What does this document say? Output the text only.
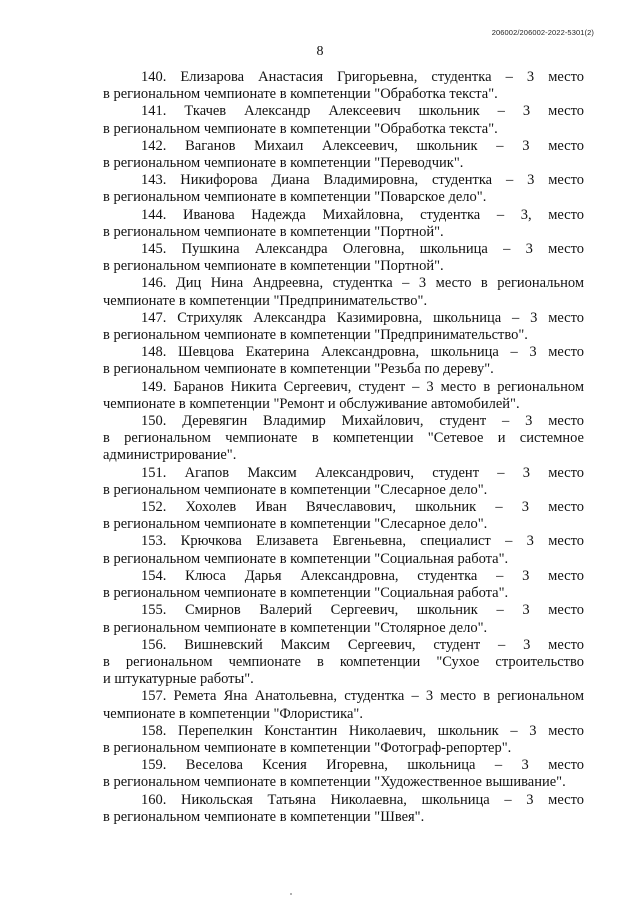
206002/206002-2022-5301(2)
8

140. Елизарова Анастасия Григорьевна, студентка – 3 место
в региональном чемпионате в компетенции "Обработка текста".

141. Ткачев Александр Алексеевич школьник – 3 место
в региональном чемпионате в компетенции "Обработка текста".

142. Ваганов Михаил Алексеевич, школьник – 3 место
в региональном чемпионате в компетенции "Переводчик".

143. Никифорова Диана Владимировна, студентка – 3 место
в региональном чемпионате в компетенции "Поварское дело".

144. Иванова Надежда Михайловна, студентка – 3, место
в региональном чемпионате в компетенции "Портной".

145. Пушкина Александра Олеговна, школьница – 3 место
в региональном чемпионате в компетенции "Портной".

146. Диц Нина Андреевна, студентка – 3 место в региональном
чемпионате в компетенции "Предпринимательство".

147. Стрихуляк Александра Казимировна, школьница – 3 место
в региональном чемпионате в компетенции "Предпринимательство".

148. Шевцова Екатерина Александровна, школьница – 3 место
в региональном чемпионате в компетенции "Резьба по дереву".

149. Баранов Никита Сергеевич, студент – 3 место в региональном
чемпионате в компетенции "Ремонт и обслуживание автомобилей".

150. Деревягин Владимир Михайлович, студент – 3 место
в региональном чемпионате в компетенции "Сетевое и системное
администрирование".

151. Агапов Максим Александрович, студент – 3 место
в региональном чемпионате в компетенции "Слесарное дело".

152. Хохолев Иван Вячеславович, школьник – 3 место
в региональном чемпионате в компетенции "Слесарное дело".

153. Крючкова Елизавета Евгеньевна, специалист – 3 место
в региональном чемпионате в компетенции "Социальная работа".

154. Клюса Дарья Александровна, студентка – 3 место
в региональном чемпионате в компетенции "Социальная работа".

155. Смирнов Валерий Сергеевич, школьник – 3 место
в региональном чемпионате в компетенции "Столярное дело".

156. Вишневский Максим Сергеевич, студент – 3 место
в региональном чемпионате в компетенции "Сухое строительство
и штукатурные работы".

157. Ремета Яна Анатольевна, студентка – 3 место в региональном
чемпионате в компетенции "Флористика".

158. Перепелкин Константин Николаевич, школьник – 3 место
в региональном чемпионате в компетенции "Фотограф-репортер".

159. Веселова Ксения Игоревна, школьница – 3 место
в региональном чемпионате в компетенции "Художественное вышивание".

160. Никольская Татьяна Николаевна, школьница – 3 место
в региональном чемпионате в компетенции "Швея".
